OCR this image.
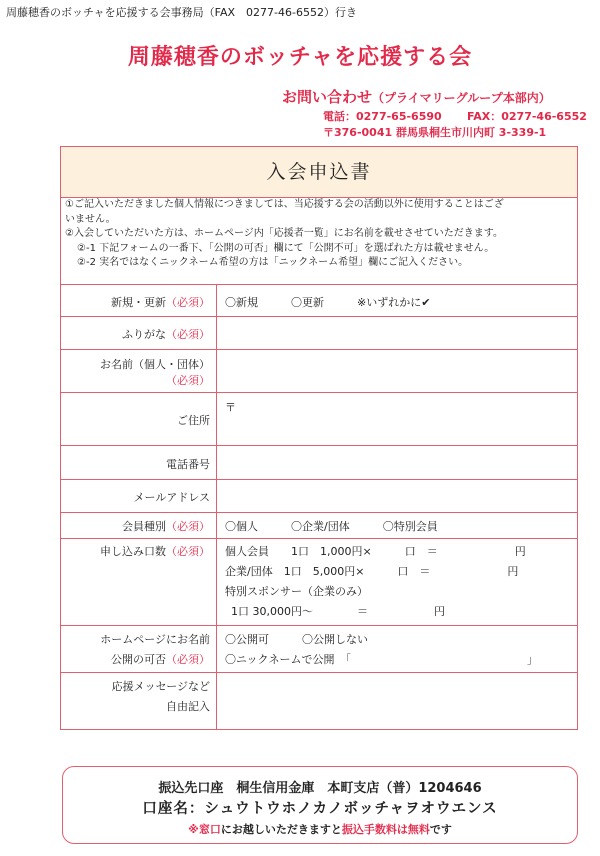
周藤穂香のボッチャを応援する会事務局（FAX　0277-46-6552）行き
周藤穂香のボッチャを応援する会
お問い合わせ（プライマリーグループ本部内）
電話：0277-65-6590 FAX：0277-46-6552
〒376-0041 群馬県桐生市川内町 3-339-1
入会申込書
①ご記入いただきました個人情報につきましては、当応援する会の活動以外に使用することはござ
いません。
②入会していただいた方は、ホームページ内「応援者一覧」にお名前を載せさせていただきます。
②-1 下記フォームの一番下、「公開の可否」欄にて「公開不可」を選ばれた方は載せません。
②-2 実名ではなくニックネーム希望の方は「ニックネーム希望」欄にご記入ください。
新規・更新（必須） 〇新規　　　〇更新　　　※いずれかに✔
ふりがな（必須）
お名前（個人・団体）
（必須）
ご住所
〒
電話番号
メールアドレス
会員種別（必須） 〇個人　　　〇企業/団体　　　〇特別会員
申し込み口数（必須） 個人会員　　1口　1,000円×　　　口　＝　　　　　　　円
企業/団体　1口　5,000円×　　　口　＝　　　　　　　円
特別スポンサー（企業のみ）
1口 30,000円～　　　　＝　　　　　　円
ホームページにお名前
公開の可否（必須）
〇公開可　　　〇公開しない
〇ニックネームで公開　「　　　　　　　　　　　　　　　　」
応援メッセージなど
自由記入
振込先口座　桐生信用金庫　本町支店（普）1204646
口座名：シュウトウホノカノボッチャヲオウエンス
※窓口にお越しいただきますと振込手数料は無料です
